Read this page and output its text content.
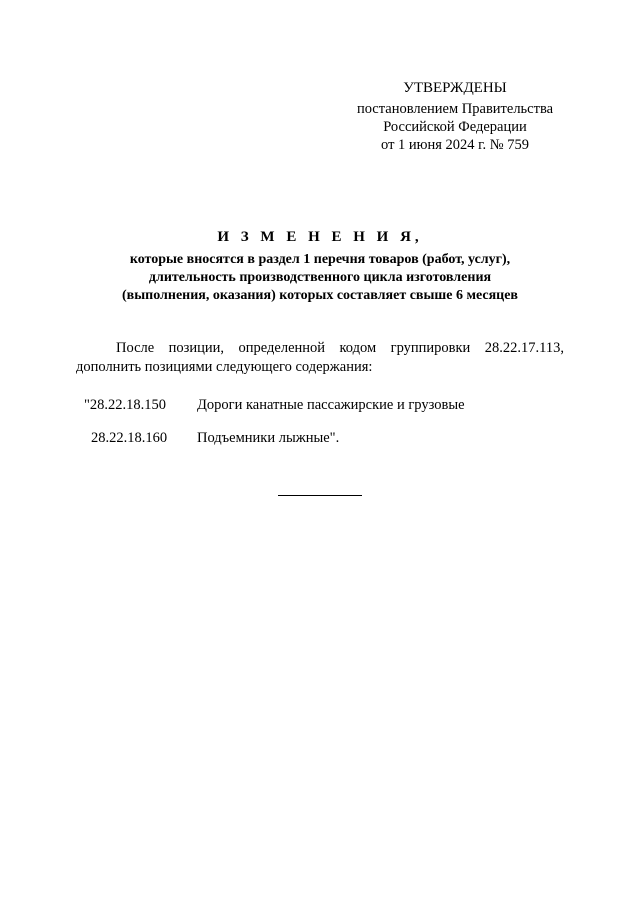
УТВЕРЖДЕНЫ
постановлением Правительства
Российской Федерации
от 1 июня 2024 г. № 759
И З М Е Н Е Н И Я,
которые вносятся в раздел 1 перечня товаров (работ, услуг),
длительность производственного цикла изготовления
(выполнения, оказания) которых составляет свыше 6 месяцев
После позиции, определенной кодом группировки 28.22.17.113,
дополнить позициями следующего содержания:
"28.22.18.150 Дороги канатные пассажирские и грузовые
28.22.18.160 Подъемники лыжные".
